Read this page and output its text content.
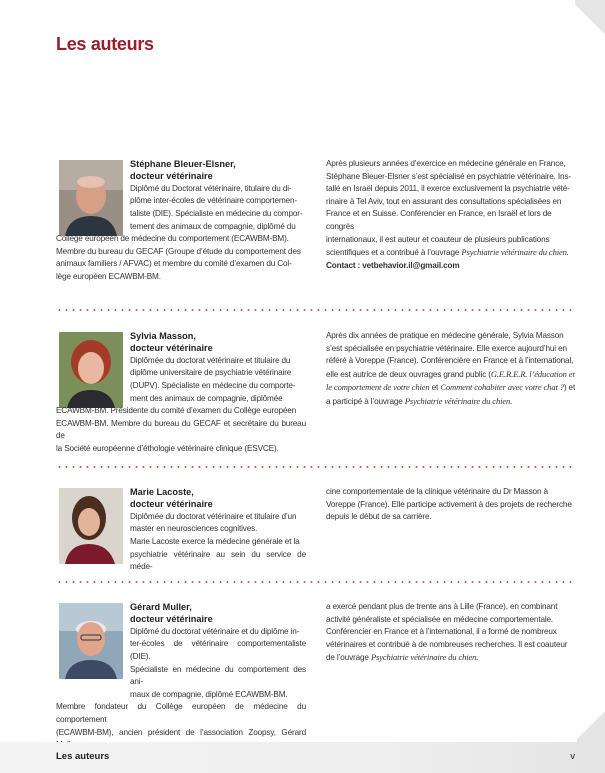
Les auteurs
Stéphane Bleuer-Elsner,
docteur vétérinaire
Diplômé du Doctorat vétérinaire, titulaire du di-
plôme inter-écoles de vétérinaire comportemen-
taliste (DIE). Spécialiste en médecine du compor-
tement des animaux de compagnie, diplômé du
Collège européen de médecine du comportement (ECAWBM-BM).
Membre du bureau du GECAF (Groupe d’étude du comportement des
animaux familiers / AFVAC) et membre du comité d’examen du Col-
lège européen ECAWBM-BM.
Après plusieurs années d’exercice en médecine générale en France,
Stéphane Bleuer-Elsner s’est spécialisé en psychiatrie vétérinaire. Ins-
tallé en Israël depuis 2011, il exerce exclusivement la psychiatrie vété-
rinaire à Tel Aviv, tout en assurant des consultations spécialisées en
France et en Suisse. Conférencier en France, en Israël et lors de congrès
internationaux, il est auteur et coauteur de plusieurs publications
scientifiques et a contribué à l’ouvrage Psychiatrie vétérinaire du chien.
Contact : vetbehavior.il@gmail.com
Sylvia Masson,
docteur vétérinaire
Diplômée du doctorat vétérinaire et titulaire du
diplôme universitaire de psychiatrie vétérinaire
(DUPV). Spécialiste en médecine du comporte-
ment des animaux de compagnie, diplômée
ECAWBM-BM. Présidente du comité d’examen du Collège européen
ECAWBM-BM. Membre du bureau du GECAF et secrétaire du bureau de
la Société européenne d’éthologie vétérinaire clinique (ESVCE).
Après dix années de pratique en médecine générale, Sylvia Masson s’est spécialisée en psychiatrie vétérinaire. Elle exerce aujourd’hui en référé à Voreppe (France). Conférencière en France et à l’international, elle est autrice de deux ouvrages grand public (G.E.R.E.R. l’éducation et le comportement de votre chien et Comment cohabiter avec votre chat ?) et a participé à l’ouvrage Psychiatrie vétérinaire du chien.
Marie Lacoste,
docteur vétérinaire
Diplômée du doctorat vétérinaire et titulaire d’un
master en neurosciences cognitives.
Marie Lacoste exerce la médecine générale et la
psychiatrie vétérinaire au sein du service de méde-
cine comportementale de la clinique vétérinaire du Dr Masson à Voreppe (France). Elle participe activement à des projets de recherche depuis le début de sa carrière.
Gérard Muller,
docteur vétérinaire
Diplômé du doctorat vétérinaire et du diplôme in-
ter-écoles de vétérinaire comportementaliste (DIE).
Spécialiste en médecine du comportement des ani-
maux de compagnie, diplômé ECAWBM-BM.
Membre fondateur du Collège européen de médecine du comportement
(ECAWBM-BM), ancien président de l’association Zoopsy, Gérard
a exercé pendant plus de trente ans à Lille (France), en combinant activité généraliste et spécialisée en médecine comportementale. Conférencier en France et à l’international, il a formé de nombreux vétérinaires et contribué à de nombreuses recherches. Il est coauteur de l’ouvrage Psychiatrie vétérinaire du chien.
Les auteurs	v
